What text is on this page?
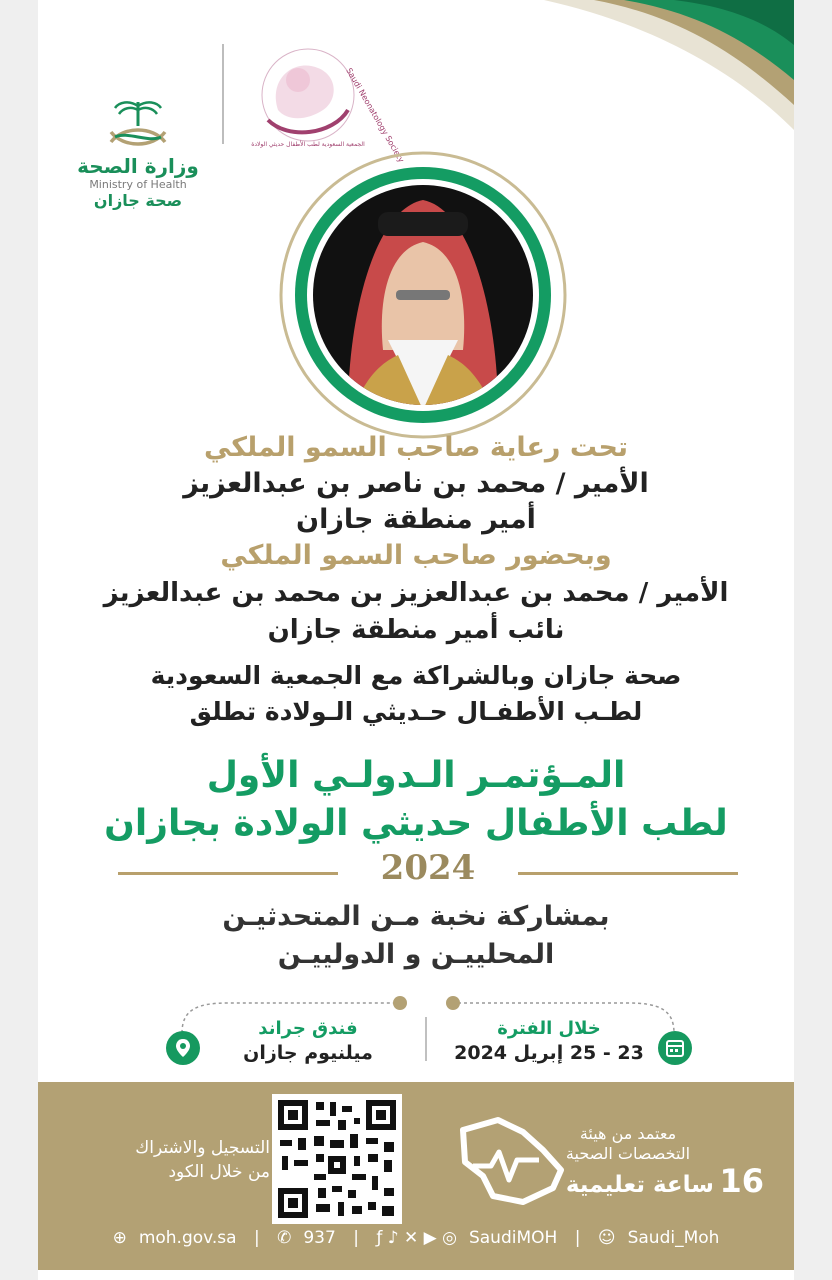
وزارة الصحة
Ministry of Health
صحة جازان
Saudi Neonatology Society
الجمعية السعودية لطب الأطفال حديثي الولادة
تحت رعاية صاحب السمو الملكي
الأمير / محمد بن ناصر بن عبدالعزيز
أمير منطقة جازان
وبحضور صاحب السمو الملكي
الأمير / محمد بن عبدالعزيز بن محمد بن عبدالعزيز
نائب أمير منطقة جازان
صحة جازان وبالشراكة مع الجمعية السعودية
لطـب الأطفـال حـديثي الـولادة تطلق
المـؤتمـر الـدولـي الأول
لطب الأطفال حديثي الولادة بجازان
2024
بمشاركة نخبة مـن المتحدثيـن
المحلييـن و الدولييـن
فندق جراند
ميلنيوم جازان
خلال الفترة
23 - 25 إبريل 2024
التسجيل والاشتراك
من خلال الكود
معتمد من هيئة
التخصصات الصحية
16 ساعة تعليمية
⊕ moh.gov.sa | ✆ 937 | ƒ ♪ ✕ ▶ ◎ SaudiMOH | ☺ Saudi_Moh
